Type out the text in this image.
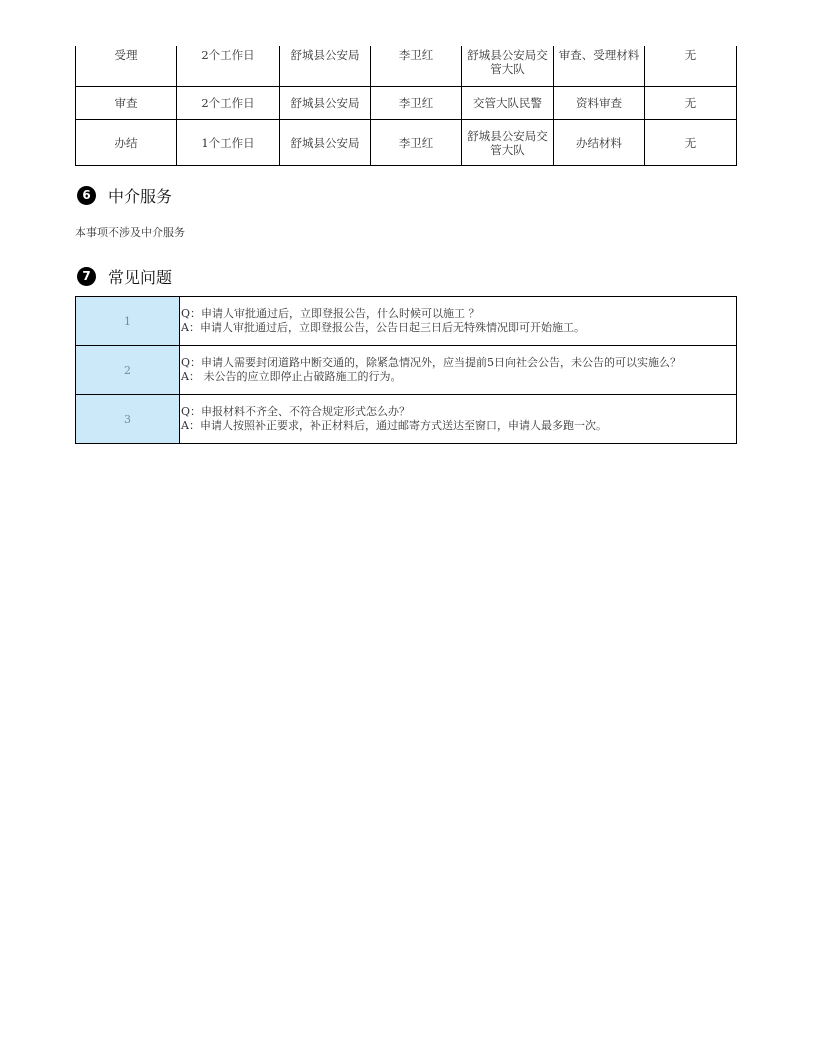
受理	2个工作日	舒城县公安局	李卫红	舒城县公安局交管大队	审查、受理材料	无
审查	2个工作日	舒城县公安局	李卫红	交管大队民警	资料审查	无
办结	1个工作日	舒城县公安局	李卫红	舒城县公安局交管大队	办结材料	无
6	中介服务
本事项不涉及中介服务
7	常见问题
1	Q：申请人审批通过后，立即登报公告，什么时候可以施工 ？
A：申请人审批通过后，立即登报公告，公告日起三日后无特殊情况即可开始施工。

2	Q：申请人需要封闭道路中断交通的，除紧急情况外，应当提前5日向社会公告，未公告的可以实施么？
A： 未公告的应立即停止占破路施工的行为。

3	Q：申报材料不齐全、不符合规定形式怎么办？
A：申请人按照补正要求，补正材料后，通过邮寄方式送达至窗口，申请人最多跑一次。
